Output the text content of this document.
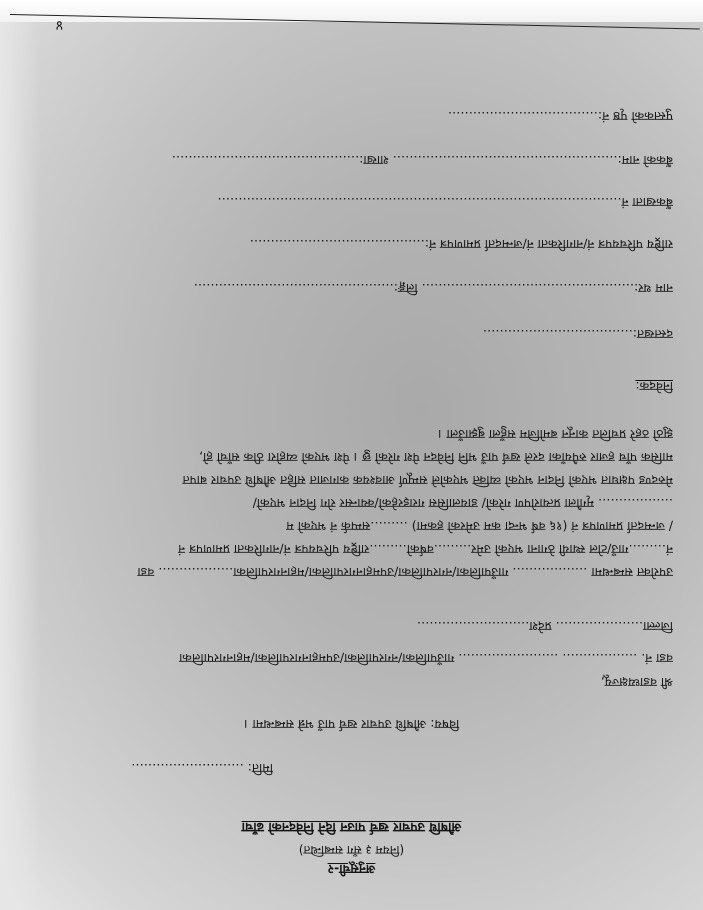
अनुसूची-२
(नियम ३ सँग सम्बन्धित)
औषधि उपचार खर्च पाउन दिने निवेदनको ढाँचा
मिति: ………………………
विषय: औषधि उपचार खर्च पाउँ भन्ने सम्बन्धमा ।
श्री वडाध्यक्षज्यू,
वडा नं. ……………… …………………… गाउँपालिका/नगरपालिका/उपमहानगरपालिका/महानगरपालिका
जिल्ला………………… प्रदेश………………………
उपरोक्त सम्बन्धमा ……………… गाउँपालिका/नगरपालिका/उपमहानगरपालिका/महानगरपालिका……………… वडा
नं………गाउँ/टोल स्थायी ठेगाना भएको उमेर………वर्षको………राष्ट्रिय परिचयपत्र नं/नागरिकता प्रमाणपत्र नं
/ जन्मदर्ता प्रमाणपत्र नं (१६ वर्ष भन्दा कम उमेरको हकमा) ………सम्पर्क नं भएको म
……………… मृगौला प्रत्यारोपण गरेको/ डायलासिस गराइरहेको/क्यान्सर रोग निदान भएको/
मेरुदण्ड पक्षघात भएको निदान भएको व्यक्ति भएकोले सम्पूर्ण आवश्यक कागजात सहित औषधि उपचार बापत
मासिक पाँच हजार रुपैयाँका दरले खर्च पाउँ भनि निवेदन पेश गरेको छु । पेश भएको व्यहोरा ठीक साँचो हो,
झुठो ठहरे प्रचलित कानून बमोजिम सहुँला बुझाउँला ।
निवेदक:
दस्तखत:………………………………
नाम थर:…………………………………………… लिङ्ग:…………………………………………
राष्ट्रिय परिचयपत्र नं/नागरिकता नं/जन्मदर्ता प्रमाणपत्र नं:……………………………………
बैंकखाता नं.……………………………………………………………………………………
बैंकको नाम:……………………………………………… शाखा:………………………………………
पुस्तकको पृष्ठ नं:………………………………
४
